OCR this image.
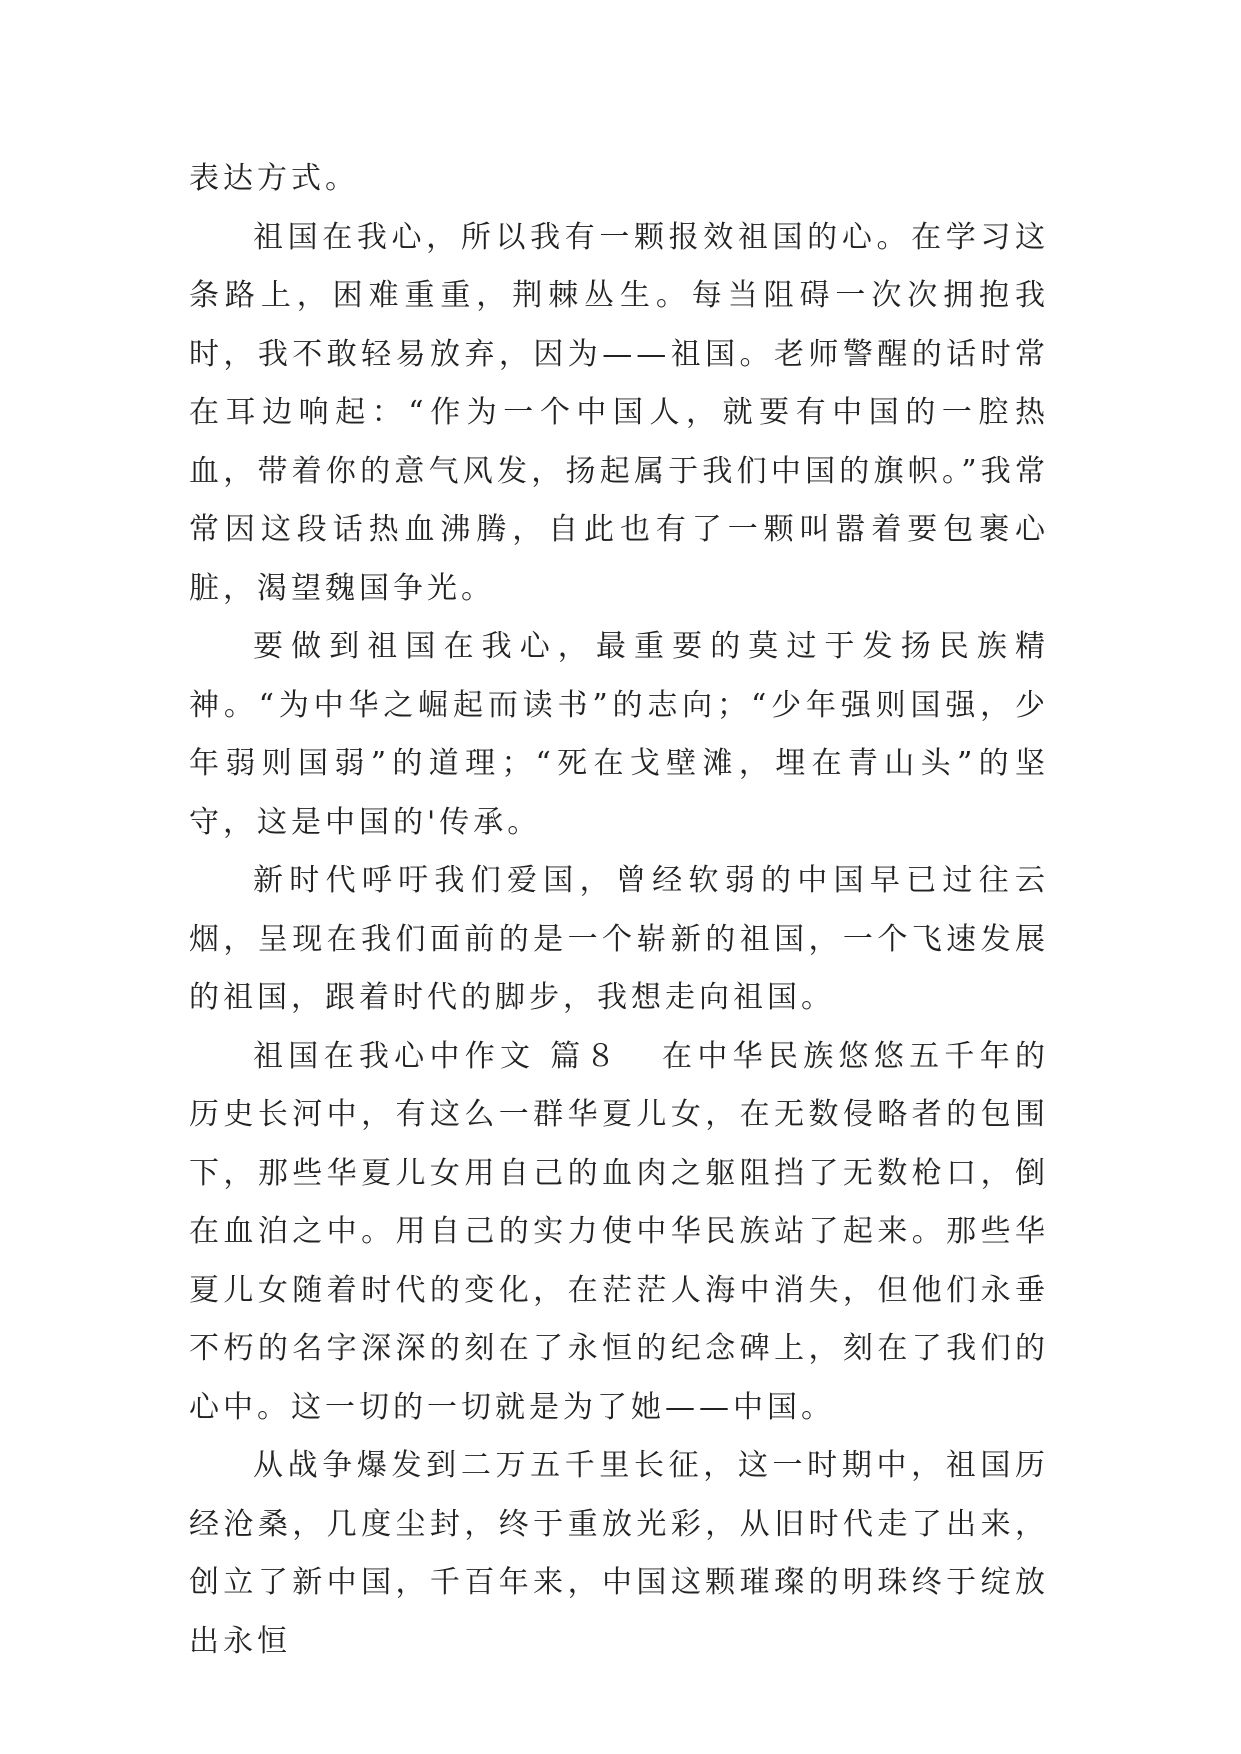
表达方式。

祖国在我心，所以我有一颗报效祖国的心。在学习这条路上，困难重重，荆棘丛生。每当阻碍一次次拥抱我时，我不敢轻易放弃，因为——祖国。老师警醒的话时常在耳边响起：“作为一个中国人，就要有中国的一腔热血，带着你的意气风发，扬起属于我们中国的旗帜。”我常常因这段话热血沸腾，自此也有了一颗叫嚣着要包裹心脏，渴望魏国争光。

要做到祖国在我心，最重要的莫过于发扬民族精神。“为中华之崛起而读书”的志向；“少年强则国强，少年弱则国弱”的道理；“死在戈壁滩，埋在青山头”的坚守，这是中国的'传承。

新时代呼吁我们爱国，曾经软弱的中国早已过往云烟，呈现在我们面前的是一个崭新的祖国，一个飞速发展的祖国，跟着时代的脚步，我想走向祖国。

祖国在我心中作文 篇８ 在中华民族悠悠五千年的历史长河中，有这么一群华夏儿女，在无数侵略者的包围下，那些华夏儿女用自己的血肉之躯阻挡了无数枪口，倒在血泊之中。用自己的实力使中华民族站了起来。那些华夏儿女随着时代的变化，在茫茫人海中消失，但他们永垂不朽的名字深深的刻在了永恒的纪念碑上，刻在了我们的心中。这一切的一切就是为了她——中国。

从战争爆发到二万五千里长征，这一时期中，祖国历经沧桑，几度尘封，终于重放光彩，从旧时代走了出来，创立了新中国，千百年来，中国这颗璀璨的明珠终于绽放出永恒
